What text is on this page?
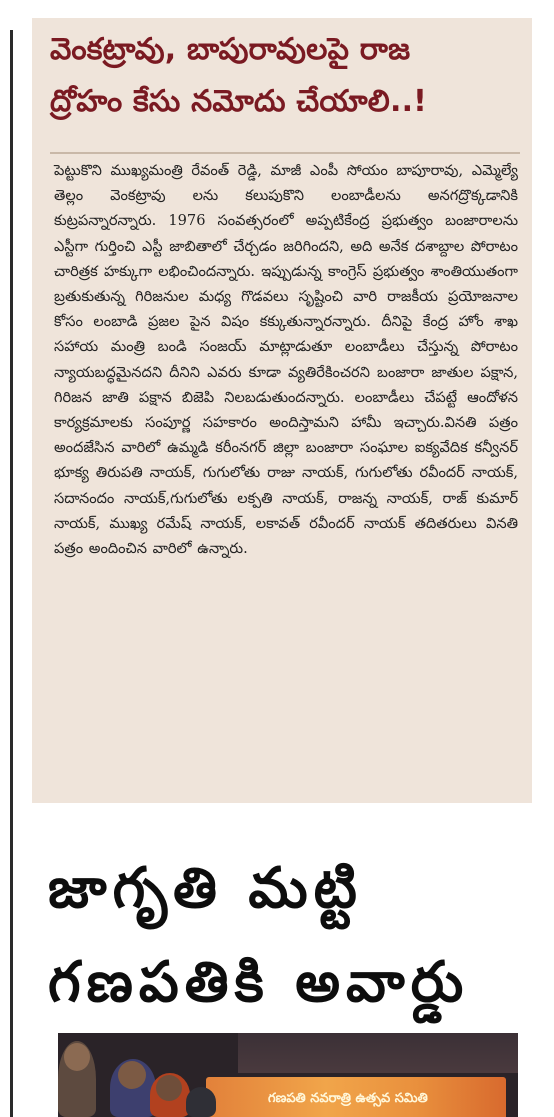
వెంకట్రావు, బాపురావులపై రాజ
ద్రోహం కేసు నమోదు చేయాలి..!

పెట్టుకొని ముఖ్యమంత్రి రేవంత్ రెడ్డి, మాజీ ఎంపీ సోయం బాపూరావు, ఎమ్మెల్యే తెల్లం వెంకట్రావు లను కలుపుకొని లంబాడీలను అనగద్రొక్కడానికి కుట్రపన్నారన్నారు. 1976 సంవత్సరంలో అప్పటికేంద్ర ప్రభుత్వం బంజారాలను ఎస్టీగా గుర్తించి ఎస్టీ జాబితాలో చేర్చడం జరిగిందని, అది అనేక దశాబ్దాల పోరాటం చారిత్రక హక్కుగా లభించిందన్నారు. ఇప్పుడున్న కాంగ్రెస్ ప్రభుత్వం శాంతియుతంగా బ్రతుకుతున్న గిరిజనుల మధ్య గొడవలు సృష్టించి వారి రాజకీయ ప్రయోజనాల కోసం లంబాడి ప్రజల పైన విషం కక్కుతున్నారన్నారు. దీనిపై కేంద్ర హోం శాఖ సహాయ మంత్రి బండి సంజయ్ మాట్లాడుతూ లంబాడీలు చేస్తున్న పోరాటం న్యాయబద్ధమైనదని దీనిని ఎవరు కూడా వ్యతిరేకించరని బంజారా జాతుల పక్షాన, గిరిజన జాతి పక్షాన బిజెపి నిలబడుతుందన్నారు. లంబాడీలు చేపట్టే ఆందోళన కార్యక్రమాలకు సంపూర్ణ సహకారం అందిస్తామని హామీ ఇచ్చారు.వినతి పత్రం అందజేసిన వారిలో ఉమ్మడి కరీంనగర్ జిల్లా బంజారా సంఘాల ఐక్యవేదిక కన్వీనర్ భూక్య తిరుపతి నాయక్, గుగులోతు రాజు నాయక్, గుగులోతు రవీందర్ నాయక్, సదానందం నాయక్,గుగులోతు లక్పతి నాయక్, రాజన్న నాయక్, రాజ్ కుమార్ నాయక్, ముఖ్య రమేష్ నాయక్, లకావత్ రవీందర్ నాయక్ తదితరులు వినతి పత్రం అందించిన వారిలో ఉన్నారు.

జాగృతి మట్టి
గణపతికి అవార్డు
గణపతి నవరాత్రి ఉత్సవ సమితి
